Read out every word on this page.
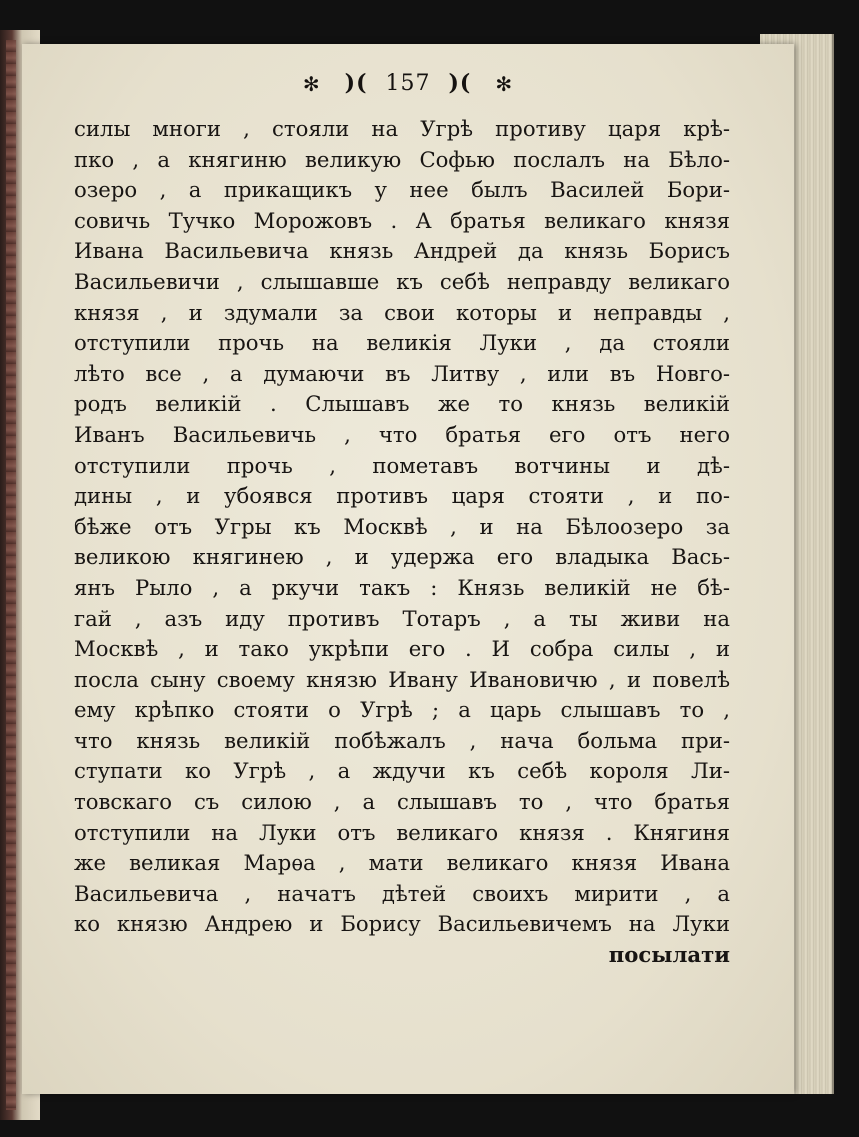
✻ )( 157 )( ✻
силы многи , стояли на Угрѣ противу царя крѣ-
пко , а княгиню великую Софью послалъ на Бѣло-
озеро , а прикащикъ у нее былъ Василей Бори-
совичь Тучко Морожовъ . А братья великаго князя
Ивана Васильевича князь Андрей да князь Борисъ
Васильевичи , слышавше къ себѣ неправду великаго
князя , и здумали за свои которы и неправды ,
отступили прочь на великiя Луки , да стояли
лѣто все , а думаючи въ Литву , или въ Новго-
родъ великiй . Слышавъ же то князь великiй
Иванъ Васильевичь , что братья его отъ него
отступили прочь , пометавъ вотчины и дѣ-
дины , и убоявся противъ царя стояти , и по-
бѣже отъ Угры къ Москвѣ , и на Бѣлоозеро за
великою княгинею , и удержа его владыка Вась-
янъ Рыло , а ркучи такъ : Князь великiй не бѣ-
гай , азъ иду противъ Тотаръ , а ты живи на
Москвѣ , и тако укрѣпи его . И собра силы , и
посла сыну своему князю Ивану Ивановичю , и повелѣ
ему крѣпко стояти о Угрѣ ; а царь слышавъ то ,
что князь великiй побѣжалъ , нача больма при-
ступати ко Угрѣ , а ждучи къ себѣ короля Ли-
товскаго съ силою , а слышавъ то , что братья
отступили на Луки отъ великаго князя . Княгиня
же великая Марѳа , мати великаго князя Ивана
Васильевича , начатъ дѣтей своихъ мирити , а
ко князю Андрею и Борису Васильевичемъ на Луки
посылати
